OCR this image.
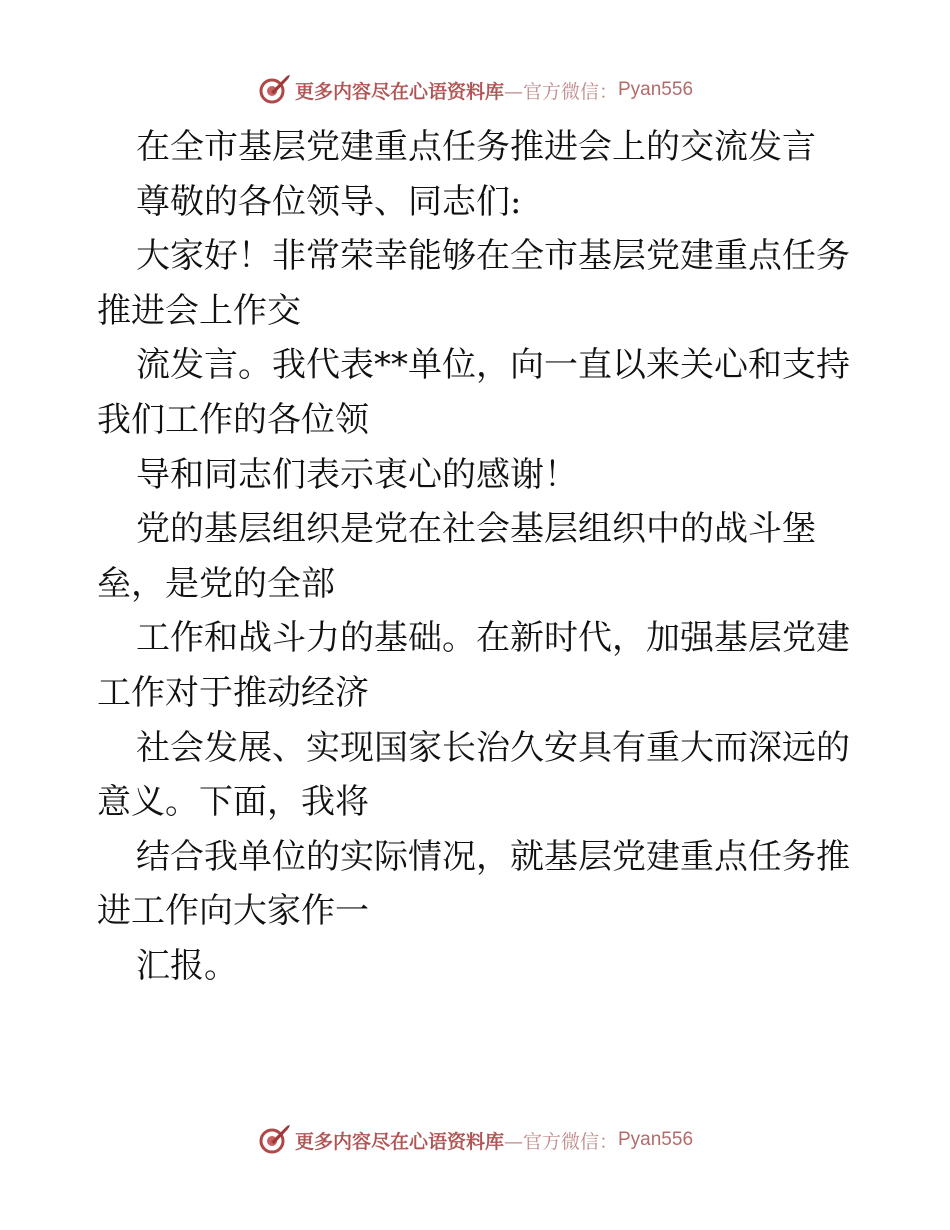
更多内容尽在心语资料库 —官方微信： Pyan556
在全市基层党建重点任务推进会上的交流发言
尊敬的各位领导、同志们:
大家好！非常荣幸能够在全市基层党建重点任务
推进会上作交
流发言。我代表**单位，向一直以来关心和支持
我们工作的各位领
导和同志们表示衷心的感谢！
党的基层组织是党在社会基层组织中的战斗堡
垒，是党的全部
工作和战斗力的基础。在新时代，加强基层党建
工作对于推动经济
社会发展、实现国家长治久安具有重大而深远的
意义。下面，我将
结合我单位的实际情况，就基层党建重点任务推
进工作向大家作一
汇报。
更多内容尽在心语资料库 —官方微信： Pyan556
